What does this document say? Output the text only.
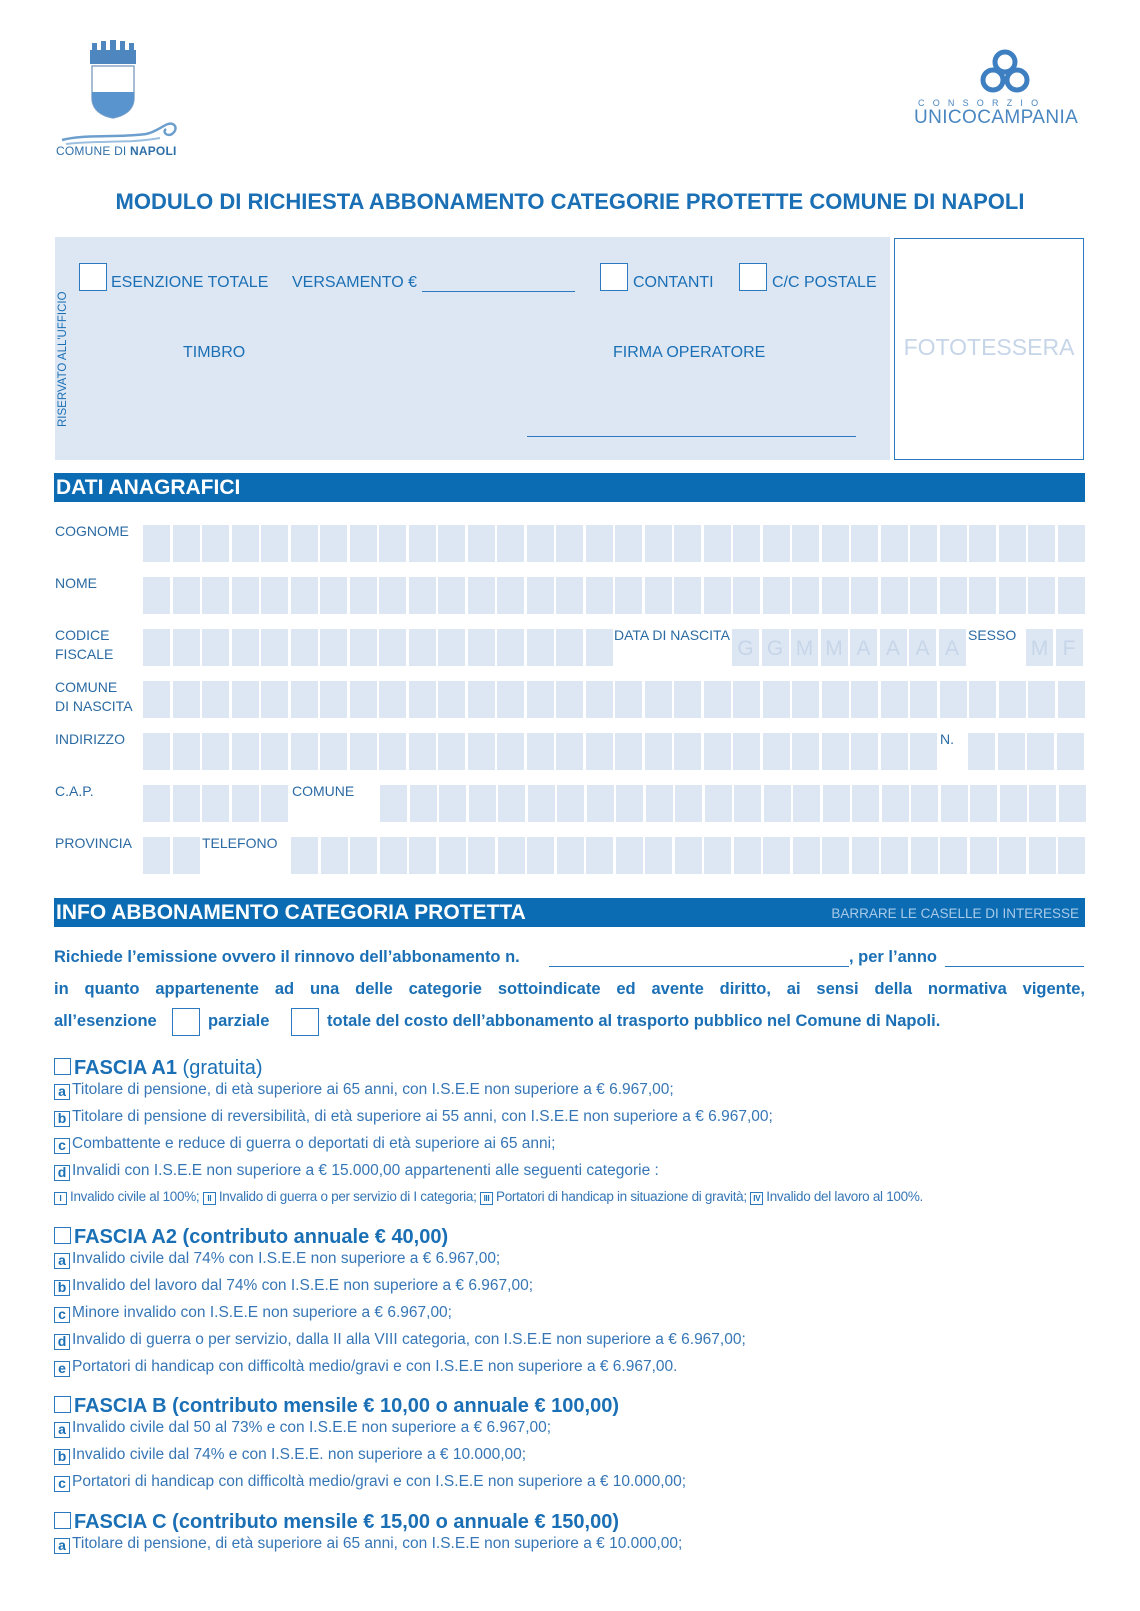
COMUNE DI NAPOLI
CONSORZIO
UNICOCAMPANIA
MODULO DI RICHIESTA ABBONAMENTO CATEGORIE PROTETTE COMUNE DI NAPOLI
RISERVATO ALL'UFFICIO
ESENZIONE TOTALE VERSAMENTO €	CONTANTI	C/C POSTALE
TIMBRO	FIRMA OPERATORE	FOTOTESSERA
DATI ANAGRAFICI
COGNOME
NOME
CODICE
FISCALE
DATA DI NASCITA
G G M M A A A A
SESSO
M F
COMUNE
DI NASCITA
INDIRIZZO	N.
C.A.P.	COMUNE
PROVINCIA	TELEFONO
INFO ABBONAMENTO CATEGORIA PROTETTA	BARRARE LE CASELLE DI INTERESSE
Richiede l’emissione ovvero il rinnovo dell’abbonamento n.	, per l’anno
in quanto appartenente ad una delle categorie sottoindicate ed avente diritto, ai sensi della normativa vigente,
all’esenzione	parziale	totale del costo dell’abbonamento al trasporto pubblico nel Comune di Napoli.
FASCIA A1 (gratuita)
a Titolare di pensione, di età superiore ai 65 anni, con I.S.E.E non superiore a € 6.967,00;
b Titolare di pensione di reversibilità, di età superiore ai 55 anni, con I.S.E.E non superiore a € 6.967,00;
c Combattente e reduce di guerra o deportati di età superiore ai 65 anni;
d Invalidi con I.S.E.E non superiore a € 15.000,00 appartenenti alle seguenti categorie :
I Invalido civile al 100%; II Invalido di guerra o per servizio di I categoria; III Portatori di handicap in situazione di gravità; IV Invalido del lavoro al 100%.
FASCIA A2 (contributo annuale € 40,00)
a Invalido civile dal 74% con I.S.E.E non superiore a € 6.967,00;
b Invalido del lavoro dal 74% con I.S.E.E non superiore a € 6.967,00;
c Minore invalido con I.S.E.E non superiore a € 6.967,00;
d Invalido di guerra o per servizio, dalla II alla VIII categoria, con I.S.E.E non superiore a € 6.967,00;
e Portatori di handicap con difficoltà medio/gravi e con I.S.E.E non superiore a € 6.967,00.
FASCIA B (contributo mensile € 10,00 o annuale € 100,00)
a Invalido civile dal 50 al 73% e con I.S.E.E non superiore a € 6.967,00;
b Invalido civile dal 74% e con I.S.E.E. non superiore a € 10.000,00;
c Portatori di handicap con difficoltà medio/gravi e con I.S.E.E non superiore a € 10.000,00;
FASCIA C (contributo mensile € 15,00 o annuale € 150,00)
a Titolare di pensione, di età superiore ai 65 anni, con I.S.E.E non superiore a € 10.000,00;
